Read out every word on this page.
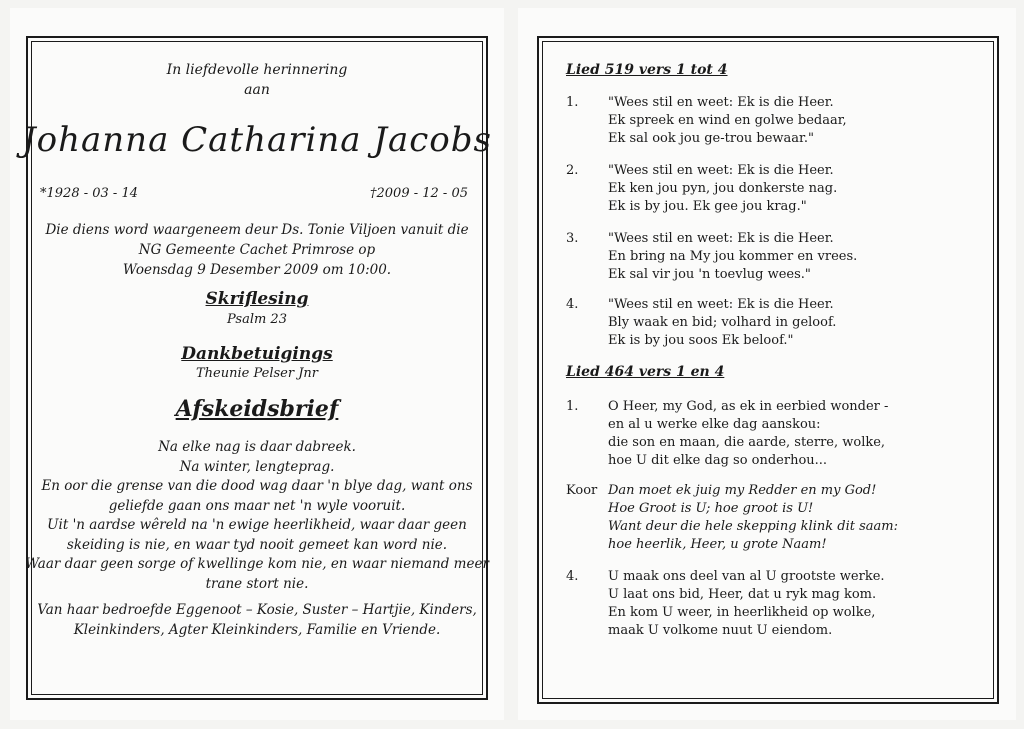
In liefdevolle herinnering
aan
Johanna Catharina Jacobs
*1928 - 03 - 14	†2009 - 12 - 05
Die diens word waargeneem deur Ds. Tonie Viljoen vanuit die
NG Gemeente Cachet Primrose op
Woensdag 9 Desember 2009 om 10:00.
Skriflesing
Psalm 23
Dankbetuigings
Theunie Pelser Jnr
Afskeidsbrief
Na elke nag is daar dabreek.
Na winter, lengteprag.
En oor die grense van die dood wag daar 'n blye dag, want ons
geliefde gaan ons maar net 'n wyle vooruit.
Uit 'n aardse wêreld na 'n ewige heerlikheid, waar daar geen
skeiding is nie, en waar tyd nooit gemeet kan word nie.
Waar daar geen sorge of kwellinge kom nie, en waar niemand meer
trane stort nie.
Van haar bedroefde Eggenoot – Kosie, Suster – Hartjie, Kinders,
Kleinkinders, Agter Kleinkinders, Familie en Vriende.
Lied 519 vers 1 tot 4
1.	"Wees stil en weet: Ek is die Heer.
Ek spreek en wind en golwe bedaar,
Ek sal ook jou ge-trou bewaar."
2.	"Wees stil en weet: Ek is die Heer.
Ek ken jou pyn, jou donkerste nag.
Ek is by jou. Ek gee jou krag."
3.	"Wees stil en weet: Ek is die Heer.
En bring na My jou kommer en vrees.
Ek sal vir jou 'n toevlug wees."
4.	"Wees stil en weet: Ek is die Heer.
Bly waak en bid; volhard in geloof.
Ek is by jou soos Ek beloof."
Lied 464 vers 1 en 4
1.	O Heer, my God, as ek in eerbied wonder -
en al u werke elke dag aanskou:
die son en maan, die aarde, sterre, wolke,
hoe U dit elke dag so onderhou...
Koor Dan moet ek juig my Redder en my God!
Hoe Groot is U; hoe groot is U!
Want deur die hele skepping klink dit saam:
hoe heerlik, Heer, u grote Naam!
4.	U maak ons deel van al U grootste werke.
U laat ons bid, Heer, dat u ryk mag kom.
En kom U weer, in heerlikheid op wolke,
maak U volkome nuut U eiendom.
